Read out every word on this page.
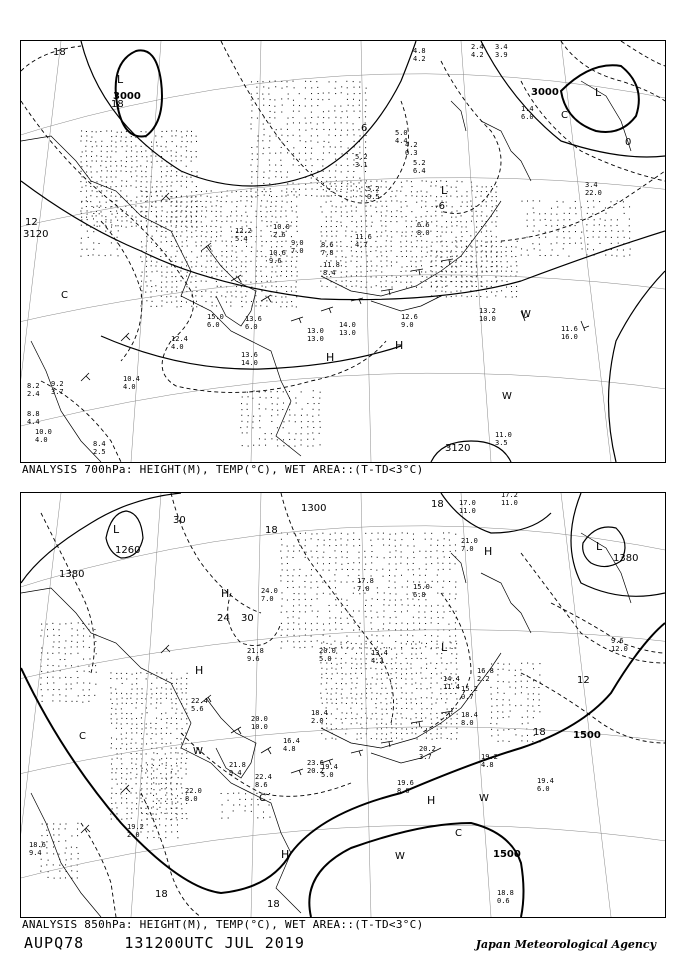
L
L
L
H
H
W
W
C
C
3000	3000
3120
3120
18
12
6
0
-6
18
15.0
6.0
13.6
6.0	13.0
13.0
14.0
13.0
12.6
9.0
13.2
10.0
11.6
16.0
13.6
14.0
12.4
4.0
10.4
4.0
9.2
3.7
8.2
2.4
8.8
4.4
10.0
4.0	8.4
2.5
11.0
3.5
5.0
4.4
5.2
6.4
5.2
3.1
5.2
0.5
3.4
22.0
4.2
0.3
2.4
4.2
3.4
3.9
4.8
4.2
1.4
6.0
11.8
8.4
10.0
2.6
9.0
7.0
8.6
7.8
12.2
5.4
10.6
9.6
11.6
4.7
6.6
8.0
ANALYSIS 700hPa: HEIGHT(M), TEMP(°C), WET AREA::(T-TD<3°C)
L
L
L
H
H
H
H
H
W
W
W
C
C
C
1260
1380
1380
1500
1500
1300	18
30
24 30
18
12
18
18
18
17.0
11.0
17.2
11.0
21.0
7.0
18.8
0.6
19.4
6.0
19.2
4.8
20.2
3.7
19.6
8.0
18.4
8.0
22.0
8.0
23.6
20.2
21.8
9.4 22.4
8.6
9.6
12.0
16.4
4.8
19.4
5.0
18.6
9.4
19.2
2.0
17.8
7.0	15.0
6.8
13.4
4.2
15.2
0.7
14.4
11.4
16.8
2.2
22.4
5.6
20.0
10.0
18.4
2.0
24.0
7.0
21.8
9.6
20.0
5.0
ANALYSIS 850hPa: HEIGHT(M), TEMP(°C), WET AREA::(T-TD<3°C)
AUPQ78	131200UTC JUL 2019	Japan Meteorological Agency
